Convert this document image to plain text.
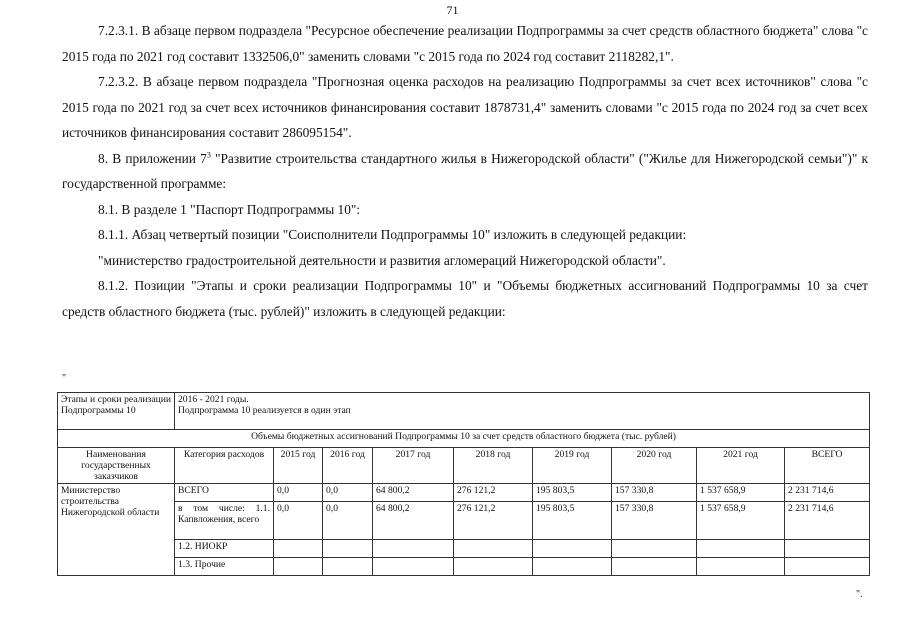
71

7.2.3.1. В абзаце первом подраздела "Ресурсное обеспечение реализации Подпрограммы за счет средств областного бюджета" слова "с 2015 года по 2021 год составит 1332506,0" заменить словами "с 2015 года по 2024 год составит 2118282,1".

7.2.3.2. В абзаце первом подраздела "Прогнозная оценка расходов на реализацию Подпрограммы за счет всех источников" слова "с 2015 года по 2021 год за счет всех источников финансирования составит 1878731,4" заменить словами "с 2015 года по 2024 год за счет всех источников финансирования составит 286095154".

8. В приложении $7^3$ "Развитие строительства стандартного жилья в Нижегородской области" ("Жилье для Нижегородской семьи")" к государственной программе:

8.1. В разделе 1 "Паспорт Подпрограммы 10":

8.1.1. Абзац четвертый позиции "Соисполнители Подпрограммы 10" изложить в следующей редакции:

"министерство градостроительной деятельности и развития агломераций Нижегородской области".

8.1.2. Позиции "Этапы и сроки реализации Подпрограммы 10" и "Объемы бюджетных ассигнований Подпрограммы 10 за счет средств областного бюджета (тыс. рублей)" изложить в следующей редакции:

"
Этапы и сроки реализации Подпрограммы 10	2016 - 2021 годы.
Подпрограмма 10 реализуется в один этап								

Объемы бюджетных ассигнований Подпрограммы 10 за счет средств областного бюджета (тыс. рублей)									
Наименования государственных заказчиков	Категория расходов	2015 год	2016 год	2017 год	2018 год	2019 год	2020 год	2021 год	ВСЕГО
Министерство строительства Нижегородской области	ВСЕГО	0,0	0,0	64 800,2	276 121,2	195 803,5	157 330,8	1 537 658,9	2 231 714,6
	в том числе: 1.1. Капвложения, всего	0,0	0,0	64 800,2	276 121,2	195 803,5	157 330,8	1 537 658,9	2 231 714,6
	1.2. НИОКР								
	1.3. Прочие								
".
